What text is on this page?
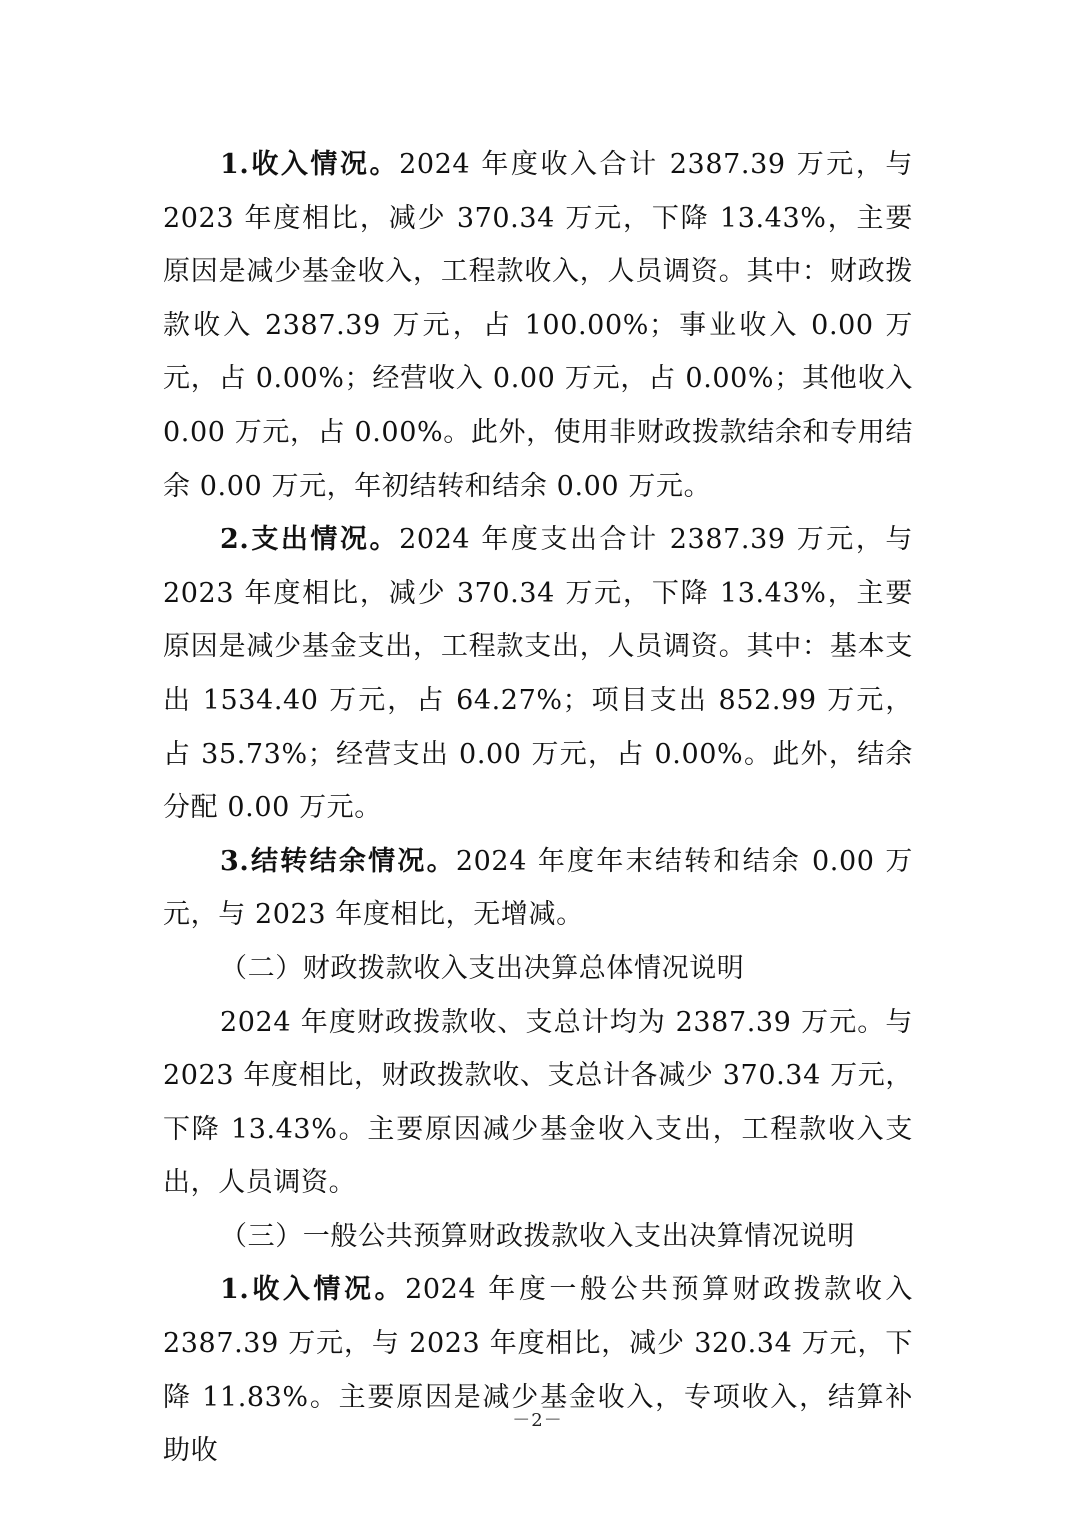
1.收入情况。2024 年度收入合计 2387.39 万元，与 2023 年度相比，减少 370.34 万元，下降 13.43%，主要原因是减少基金收入，工程款收入，人员调资。其中：财政拨款收入 2387.39 万元，占 100.00%；事业收入 0.00 万元，占 0.00%；经营收入 0.00 万元，占 0.00%；其他收入 0.00 万元，占 0.00%。此外，使用非财政拨款结余和专用结余 0.00 万元，年初结转和结余 0.00 万元。

2.支出情况。2024 年度支出合计 2387.39 万元，与 2023 年度相比，减少 370.34 万元，下降 13.43%，主要原因是减少基金支出，工程款支出，人员调资。其中：基本支出 1534.40 万元，占 64.27%；项目支出 852.99 万元，占 35.73%；经营支出 0.00 万元，占 0.00%。此外，结余分配 0.00 万元。

3.结转结余情况。2024 年度年末结转和结余 0.00 万元，与 2023 年度相比，无增减。

（二）财政拨款收入支出决算总体情况说明

2024 年度财政拨款收、支总计均为 2387.39 万元。与 2023 年度相比，财政拨款收、支总计各减少 370.34 万元，下降 13.43%。主要原因减少基金收入支出，工程款收入支出，人员调资。

（三）一般公共预算财政拨款收入支出决算情况说明

1.收入情况。2024 年度一般公共预算财政拨款收入 2387.39 万元，与 2023 年度相比，减少 320.34 万元，下降 11.83%。主要原因是减少基金收入，专项收入，结算补助收

－2－
